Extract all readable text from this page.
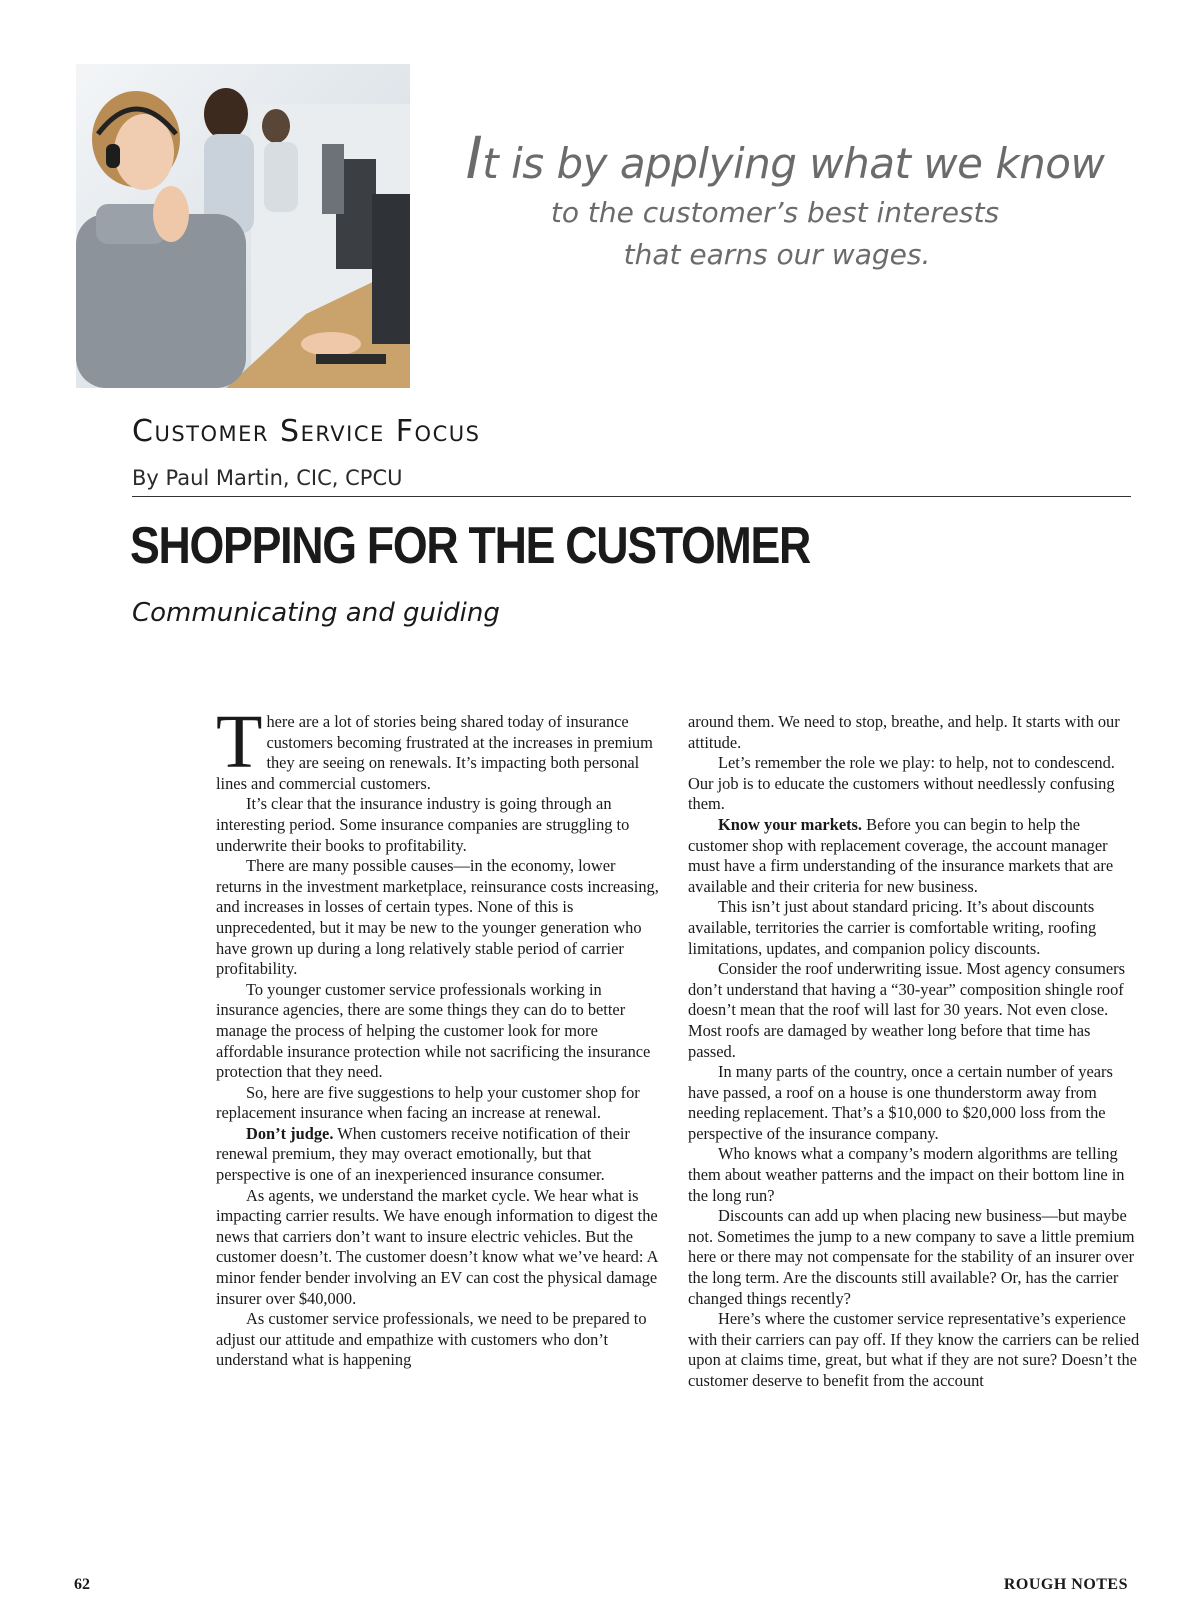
It is by applying what we know
to the customer’s best interests
that earns our wages.
Customer Service Focus
By Paul Martin, CIC, CPCU
SHOPPING FOR THE CUSTOMER
Communicating and guiding

There are a lot of stories being shared today of insurance customers becoming frustrated at the increases in premium they are seeing on renewals. It’s impacting both personal lines and commercial customers.

It’s clear that the insurance industry is going through an interesting period. Some insurance companies are struggling to underwrite their books to profitability.

There are many possible causes—in the economy, lower returns in the investment marketplace, reinsurance costs increasing, and increases in losses of certain types. None of this is unprecedented, but it may be new to the younger generation who have grown up during a long relatively stable period of carrier profitability.

To younger customer service professionals working in insurance agencies, there are some things they can do to better manage the process of helping the customer look for more affordable insurance protection while not sacrificing the insurance protection that they need.

So, here are five suggestions to help your customer shop for replacement insurance when facing an increase at renewal.

Don’t judge. When customers receive notification of their renewal premium, they may overact emotionally, but that perspective is one of an inexperienced insurance consumer.

As agents, we understand the market cycle. We hear what is impacting carrier results. We have enough information to digest the news that carriers don’t want to insure electric vehicles. But the customer doesn’t. The customer doesn’t know what we’ve heard: A minor fender bender involving an EV can cost the physical damage insurer over $40,000.

As customer service professionals, we need to be prepared to adjust our attitude and empathize with customers who don’t understand what is happening

around them. We need to stop, breathe, and help. It starts with our attitude.

Let’s remember the role we play: to help, not to condescend. Our job is to educate the customers without needlessly confusing them.

Know your markets. Before you can begin to help the customer shop with replacement coverage, the account manager must have a firm understanding of the insurance markets that are available and their criteria for new business.

This isn’t just about standard pricing. It’s about discounts available, territories the carrier is comfortable writing, roofing limitations, updates, and companion policy discounts.

Consider the roof underwriting issue. Most agency consumers don’t understand that having a “30-year” composition shingle roof doesn’t mean that the roof will last for 30 years. Not even close. Most roofs are damaged by weather long before that time has passed.

In many parts of the country, once a certain number of years have passed, a roof on a house is one thunderstorm away from needing replacement. That’s a $10,000 to $20,000 loss from the perspective of the insurance company.

Who knows what a company’s modern algorithms are telling them about weather patterns and the impact on their bottom line in the long run?

Discounts can add up when placing new business—but maybe not. Sometimes the jump to a new company to save a little premium here or there may not compensate for the stability of an insurer over the long term. Are the discounts still available? Or, has the carrier changed things recently?

Here’s where the customer service representative’s experience with their carriers can pay off. If they know the carriers can be relied upon at claims time, great, but what if they are not sure? Doesn’t the customer deserve to benefit from the account

62	ROUGH NOTES
